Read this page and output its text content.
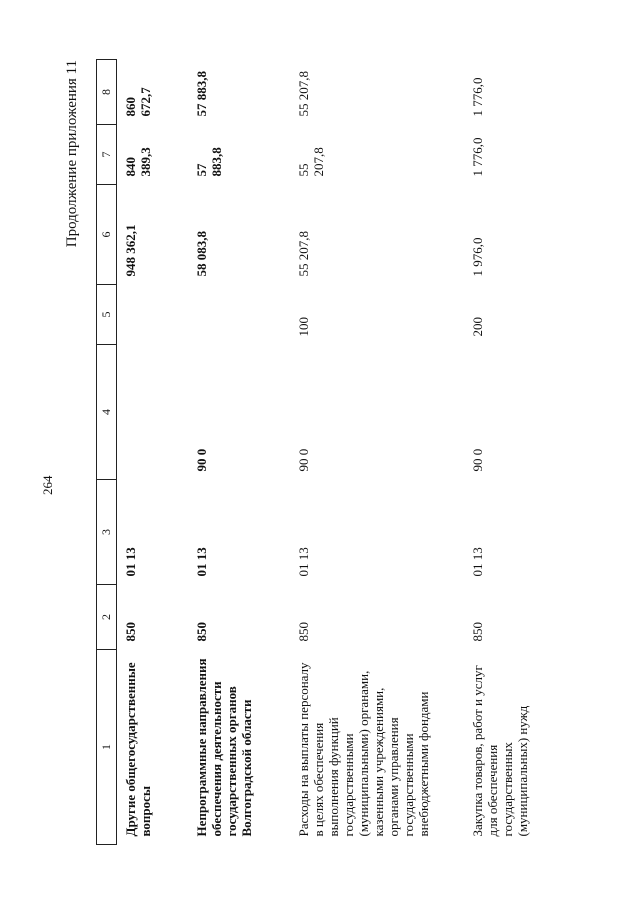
264
Продолжение приложения 11
1	2	3	4	5	6	7	8
Другие общегосударственные вопросы	850	01 13			948 362,1	840 389,3	860 672,7
Непрограммные направления обеспечения деятельности государственных органов Волгоградской области	850	01 13	90 0		58 083,8	57 883,8	57 883,8
Расходы на выплаты персоналу в целях обеспечения выполнения функций государственными (муниципальными) органами, казенными учреждениями, органами управления государственными внебюджетными фондами	850	01 13	90 0	100	55 207,8	55 207,8	55 207,8
Закупка товаров, работ и услуг для обеспечения государственных (муниципальных) нужд	850	01 13	90 0	200	1 976,0	1 776,0	1 776,0
